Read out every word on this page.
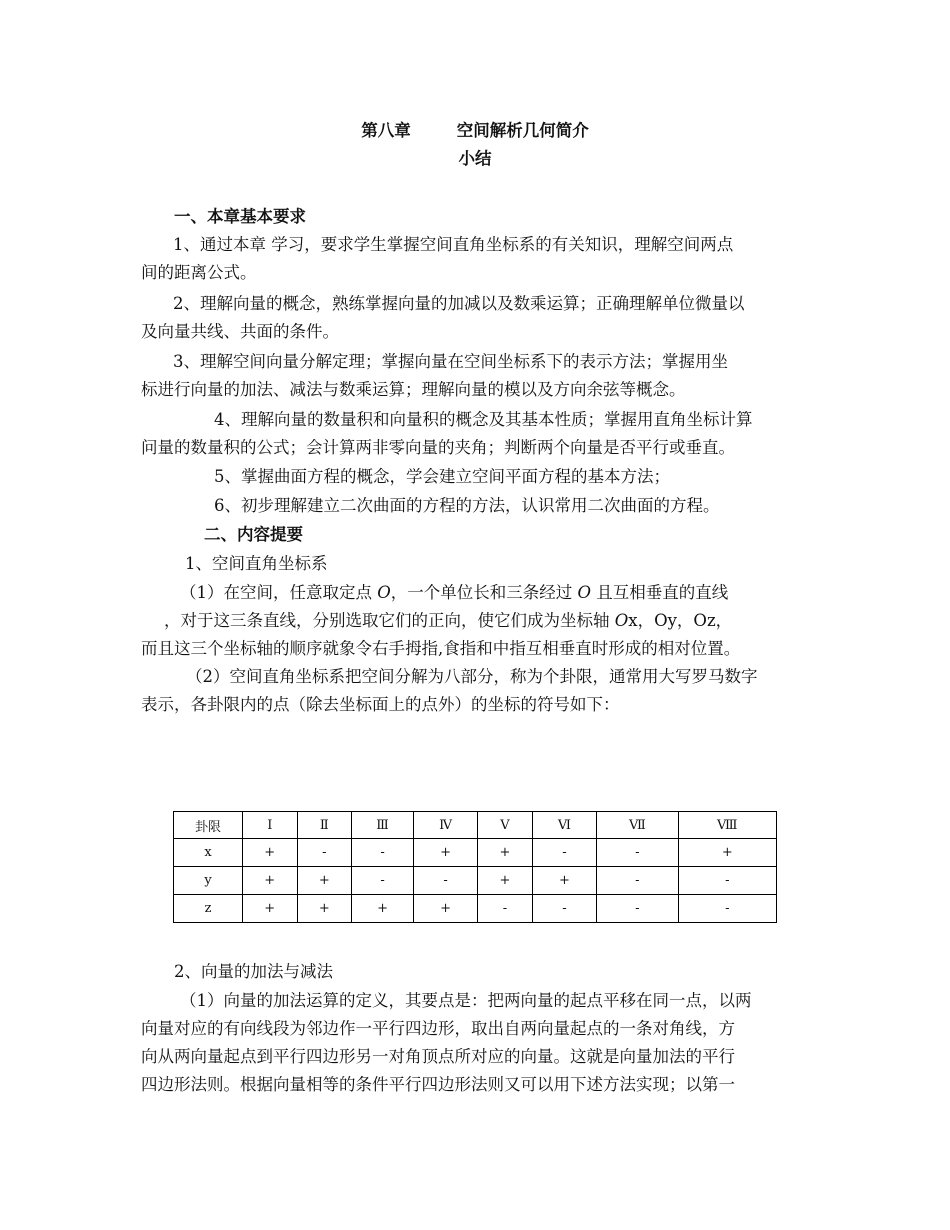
第八章	空间解析几何简介

小结

一、本章基本要求

1、通过本章 学习，要求学生掌握空间直角坐标系的有关知识，理解空间两点

间的距离公式。

2、理解向量的概念，熟练掌握向量的加减以及数乘运算；正确理解单位微量以

及向量共线、共面的条件。

3、理解空间向量分解定理；掌握向量在空间坐标系下的表示方法；掌握用坐

标进行向量的加法、减法与数乘运算；理解向量的模以及方向余弦等概念。

4、理解向量的数量积和向量积的概念及其基本性质；掌握用直角坐标计算

问量的数量积的公式；会计算两非零向量的夹角；判断两个向量是否平行或垂直。

5、掌握曲面方程的概念，学会建立空间平面方程的基本方法；

6、初步理解建立二次曲面的方程的方法，认识常用二次曲面的方程。

二、内容提要

1、空间直角坐标系

（1）在空间，任意取定点 O，一个单位长和三条经过 O 且互相垂直的直线

，对于这三条直线，分别选取它们的正向，使它们成为坐标轴 Ox，Oy，Oz，

而且这三个坐标轴的顺序就象令右手拇指,食指和中指互相垂直时形成的相对位置。

（2）空间直角坐标系把空间分解为八部分，称为个卦限，通常用大写罗马数字

表示，各卦限内的点（除去坐标面上的点外）的坐标的符号如下：

卦限	Ⅰ	Ⅱ	Ⅲ	Ⅳ	Ⅴ	Ⅵ	Ⅶ	Ⅷ
x	+	-	-	+	+	-	-	+
y	+	+	-	-	+	+	-	-
z	+	+	+	+	-	-	-	-

2、向量的加法与减法

（1）向量的加法运算的定义，其要点是：把两向量的起点平移在同一点，以两

向量对应的有向线段为邻边作一平行四边形，取出自两向量起点的一条对角线，方

向从两向量起点到平行四边形另一对角顶点所对应的向量。这就是向量加法的平行

四边形法则。根据向量相等的条件平行四边形法则又可以用下述方法实现；以第一
